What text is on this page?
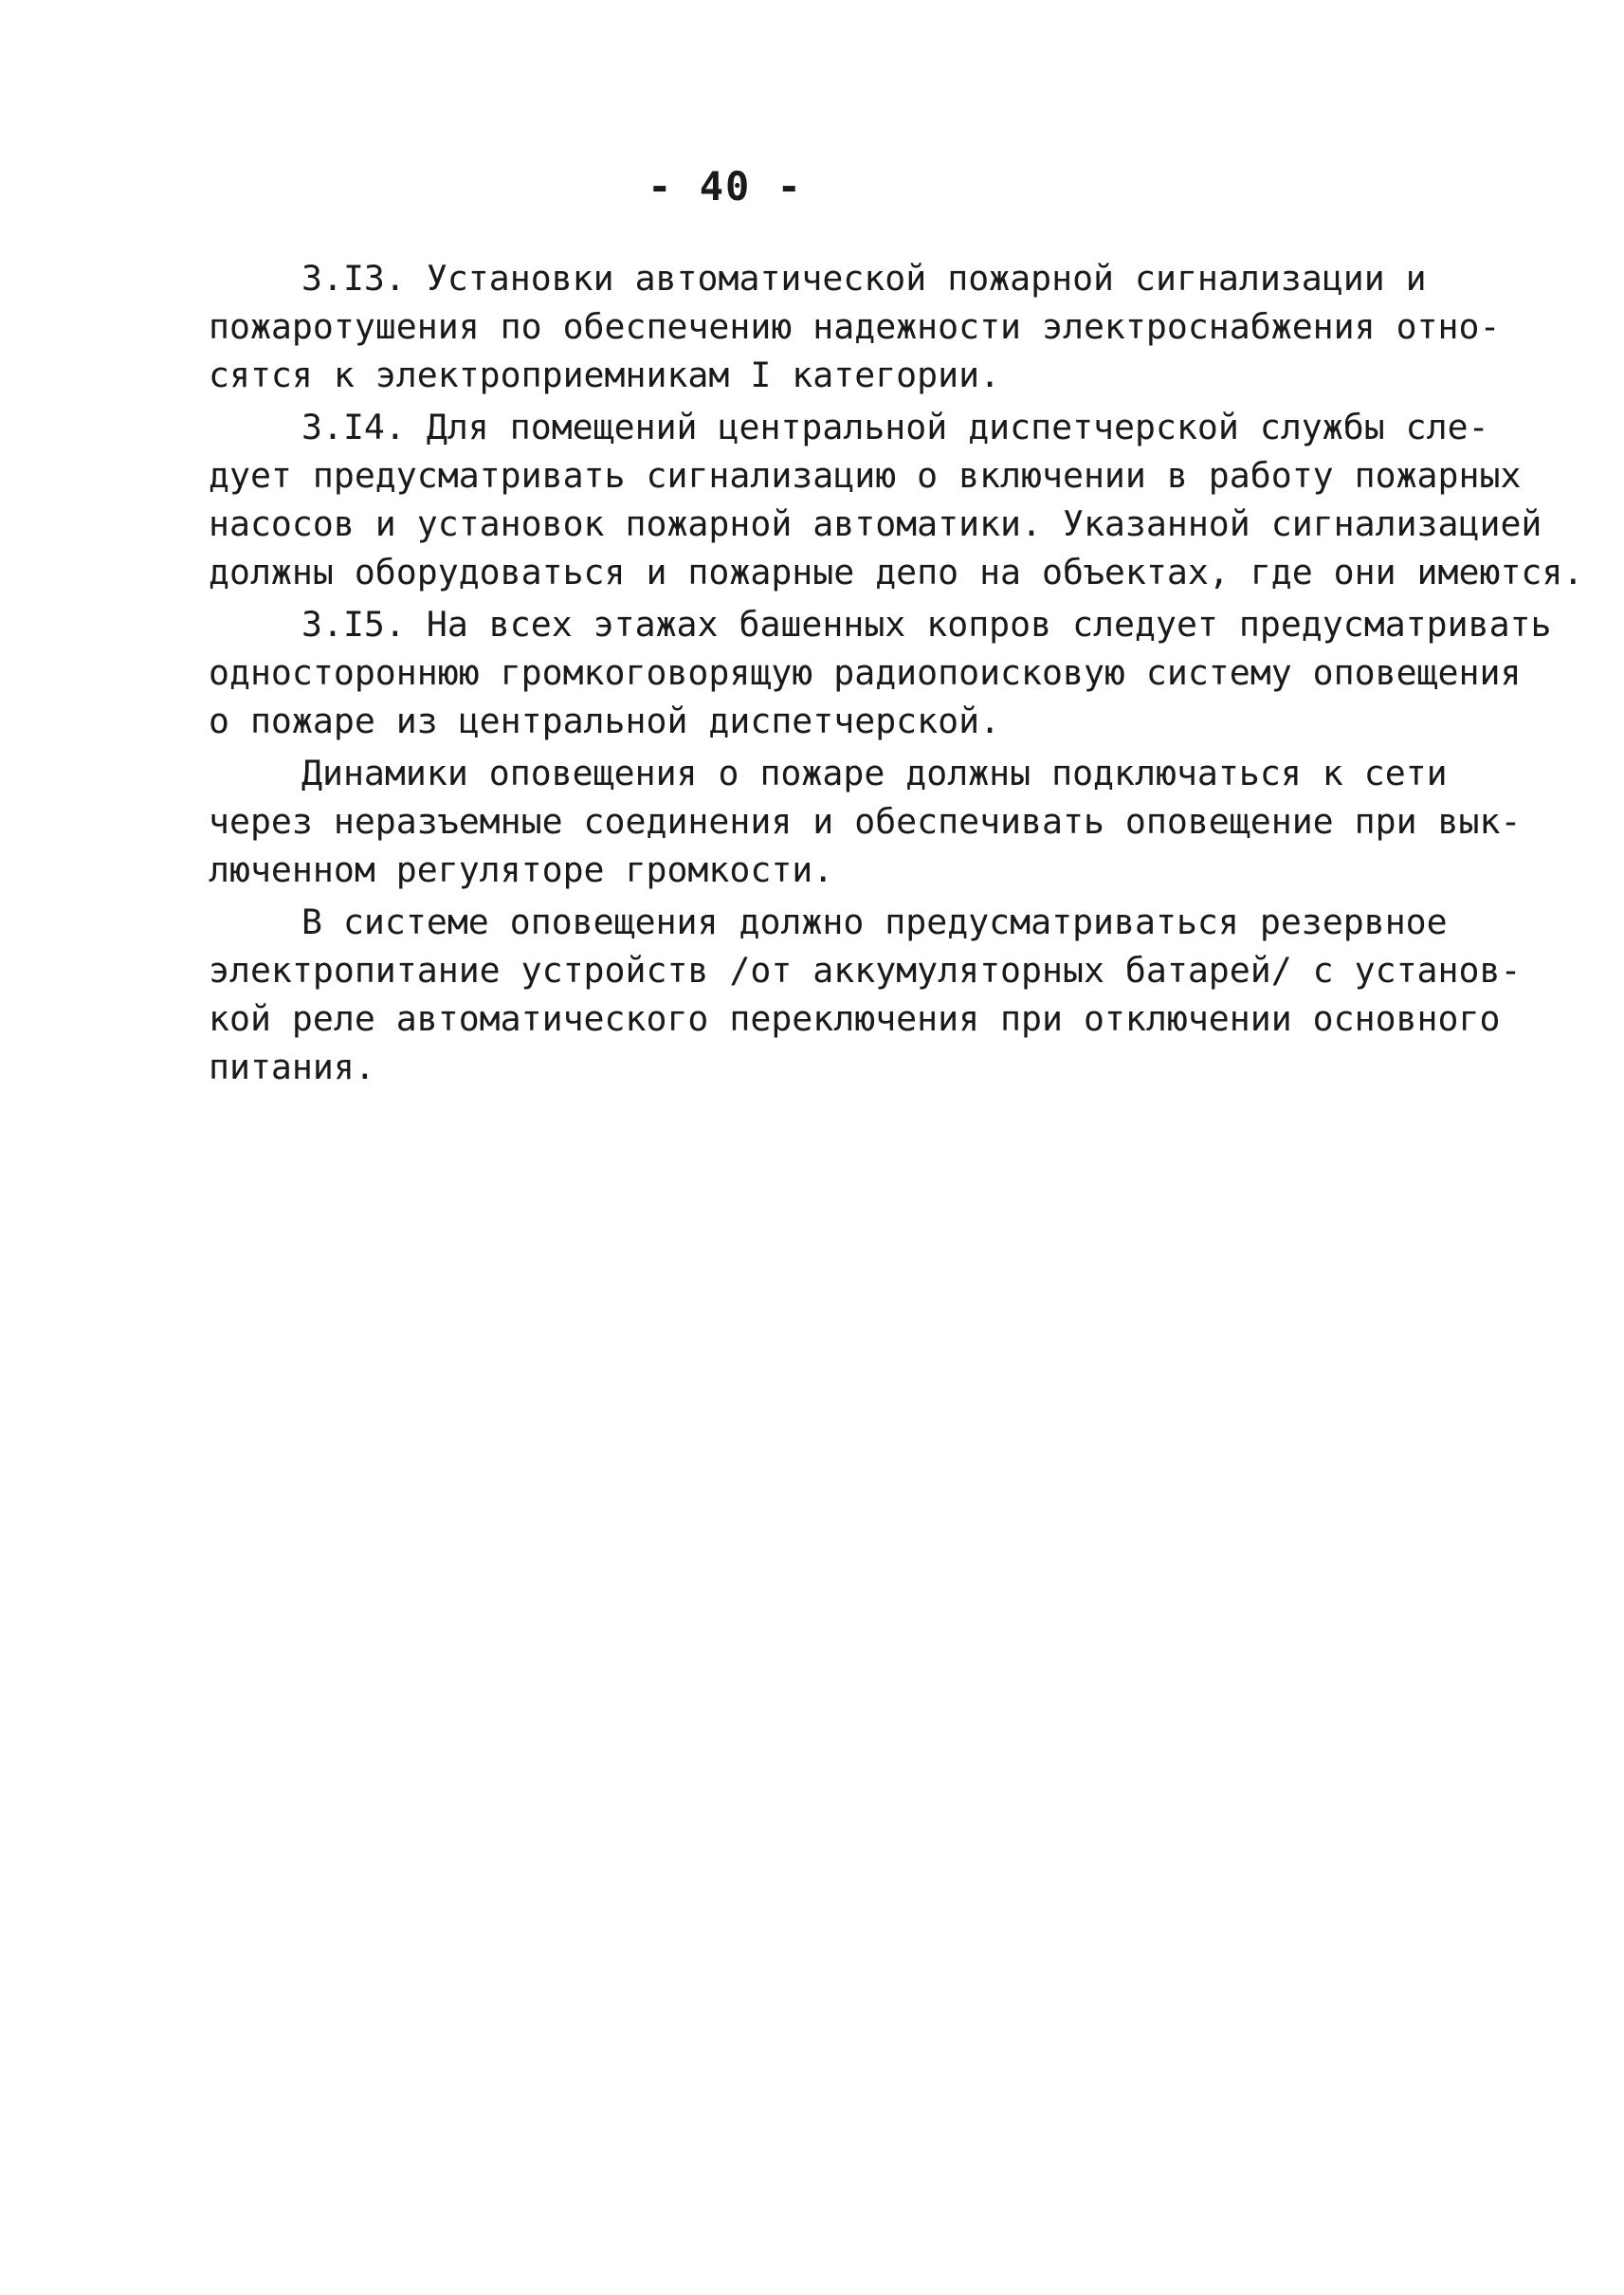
- 40 -
3.I3. Установки автоматической пожарной сигнализации и
пожаротушения по обеспечению надежности электроснабжения отно-
сятся к электроприемникам I категории.
3.I4. Для помещений центральной диспетчерской службы сле-
дует предусматривать сигнализацию о включении в работу пожарных
насосов и установок пожарной автоматики. Указанной сигнализацией
должны оборудоваться и пожарные депо на объектах, где они имеются.
3.I5. На всех этажах башенных копров следует предусматривать
одностороннюю громкоговорящую радиопоисковую систему оповещения
о пожаре из центральной диспетчерской.
Динамики оповещения о пожаре должны подключаться к сети
через неразъемные соединения и обеспечивать оповещение при вык-
люченном регуляторе громкости.
В системе оповещения должно предусматриваться резервное
электропитание устройств /от аккумуляторных батарей/ с установ-
кой реле автоматического переключения при отключении основного
питания.
